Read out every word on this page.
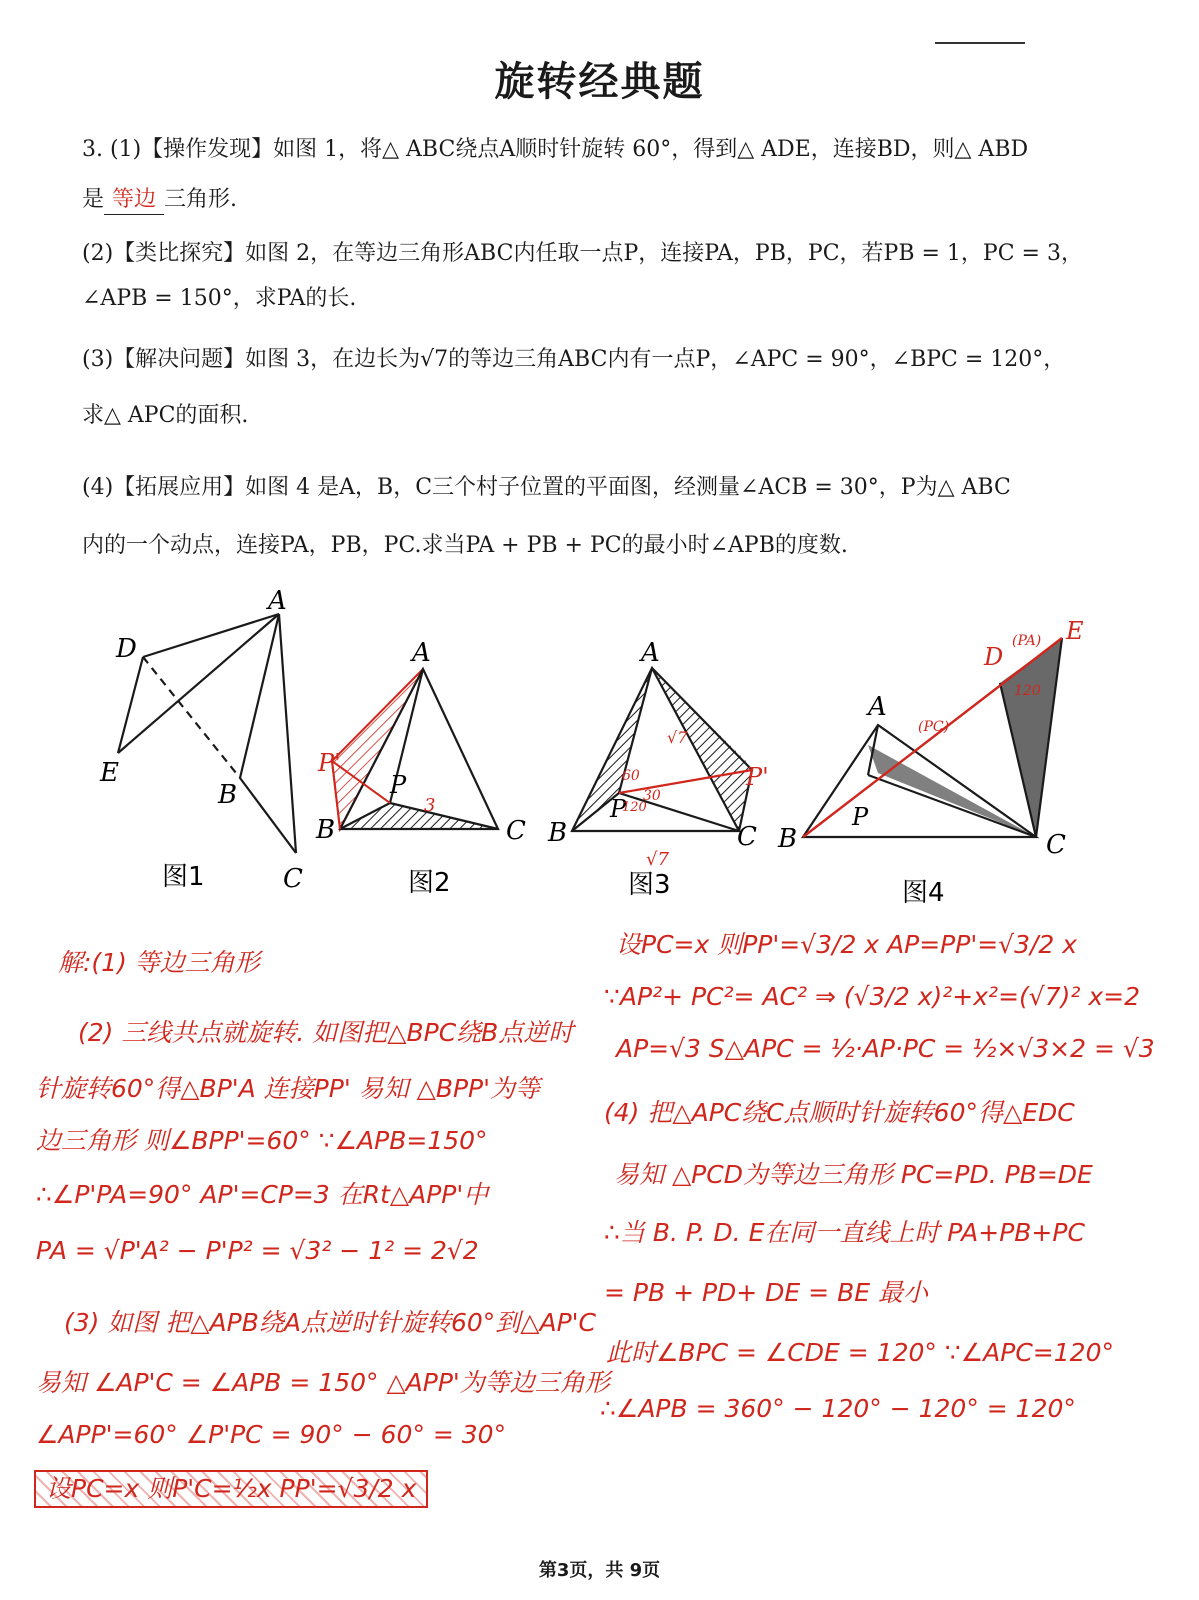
旋转经典题
3. (1)【操作发现】如图 1，将△ ABC绕点A顺时针旋转 60°，得到△ ADE，连接BD，则△ ABD
是 等边 三角形.
(2)【类比探究】如图 2，在等边三角形ABC内任取一点P，连接PA，PB，PC，若PB = 1，PC = 3，
∠APB = 150°，求PA的长.
(3)【解决问题】如图 3，在边长为√7的等边三角ABC内有一点P，∠APC = 90°，∠BPC = 120°，
求△ APC的面积.
(4)【拓展应用】如图 4 是A，B，C三个村子位置的平面图，经测量∠ACB = 30°，P为△ ABC
内的一个动点，连接PA，PB，PC.求当PA + PB + PC的最小时∠APB的度数.
A
D
E
B
C
图1
A
B	C
P
P'
3
图2
A
B	C
P
P'
√7
√7
60
30
120
图3
A
B	C
P
D
E
(PA)
(PC)
120
图4
解:(1) 等边三角形
(2) 三线共点就旋转. 如图把△BPC绕B点逆时
针旋转60°得△BP'A 连接PP' 易知 △BPP'为等
边三角形 则∠BPP'=60° ∵∠APB=150°
∴∠P'PA=90° AP'=CP=3 在Rt△APP'中
PA = √P'A² − P'P² = √3² − 1² = 2√2
(3) 如图 把△APB绕A点逆时针旋转60°到△AP'C
易知 ∠AP'C = ∠APB = 150° △APP'为等边三角形
∠APP'=60° ∠P'PC = 90° − 60° = 30°
设PC=x 则P'C=½x PP'=√3/2 x
设PC=x 则PP'=√3/2 x AP=PP'=√3/2 x
∵AP²+ PC²= AC² ⇒ (√3/2 x)²+x²=(√7)² x=2
AP=√3 S△APC = ½·AP·PC = ½×√3×2 = √3
(4) 把△APC绕C点顺时针旋转60°得△EDC
易知 △PCD为等边三角形 PC=PD. PB=DE
∴当 B. P. D. E在同一直线上时 PA+PB+PC
= PB + PD+ DE = BE 最小
此时∠BPC = ∠CDE = 120° ∵∠APC=120°
∴∠APB = 360° − 120° − 120° = 120°
第3页，共 9页
